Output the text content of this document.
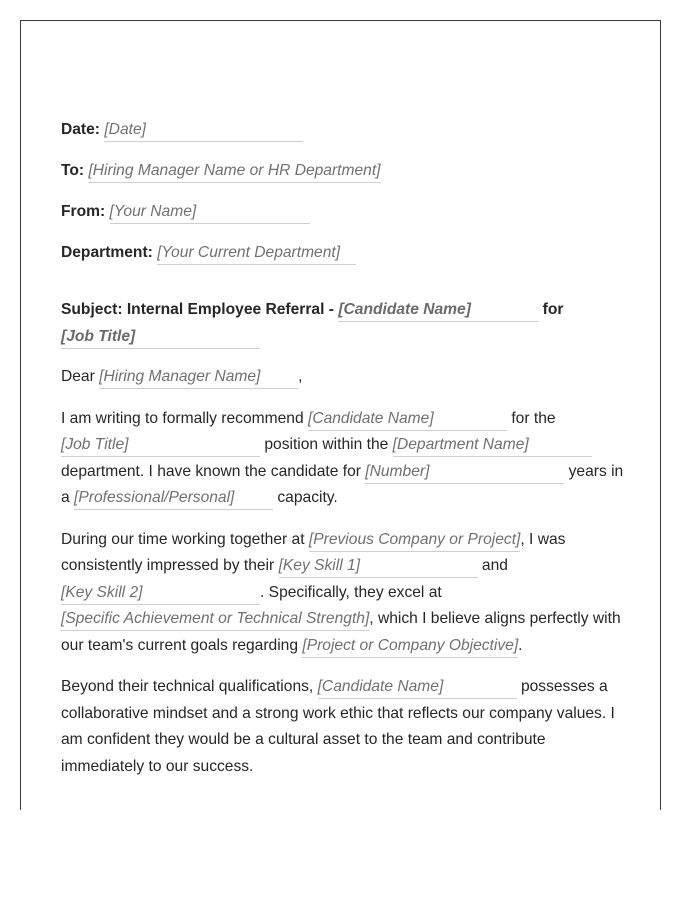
Date: [Date]
To: [Hiring Manager Name or HR Department]
From: [Your Name]
Department: [Your Current Department]

Subject: Internal Employee Referral - [Candidate Name]	for [Job Title]

Dear [Hiring Manager Name] ,

I am writing to formally recommend [Candidate Name]	for the [Job Title]	position within the [Department Name] department. I have known the candidate for [Number]	years in a [Professional/Personal]	capacity.

During our time working together at [Previous Company or Project], I was consistently impressed by their [Key Skill 1]	and [Key Skill 2]	. Specifically, they excel at [Specific Achievement or Technical Strength], which I believe aligns perfectly with our team's current goals regarding [Project or Company Objective].

Beyond their technical qualifications, [Candidate Name]	possesses a collaborative mindset and a strong work ethic that reflects our company values. I am confident they would be a cultural asset to the team and contribute immediately to our success.
